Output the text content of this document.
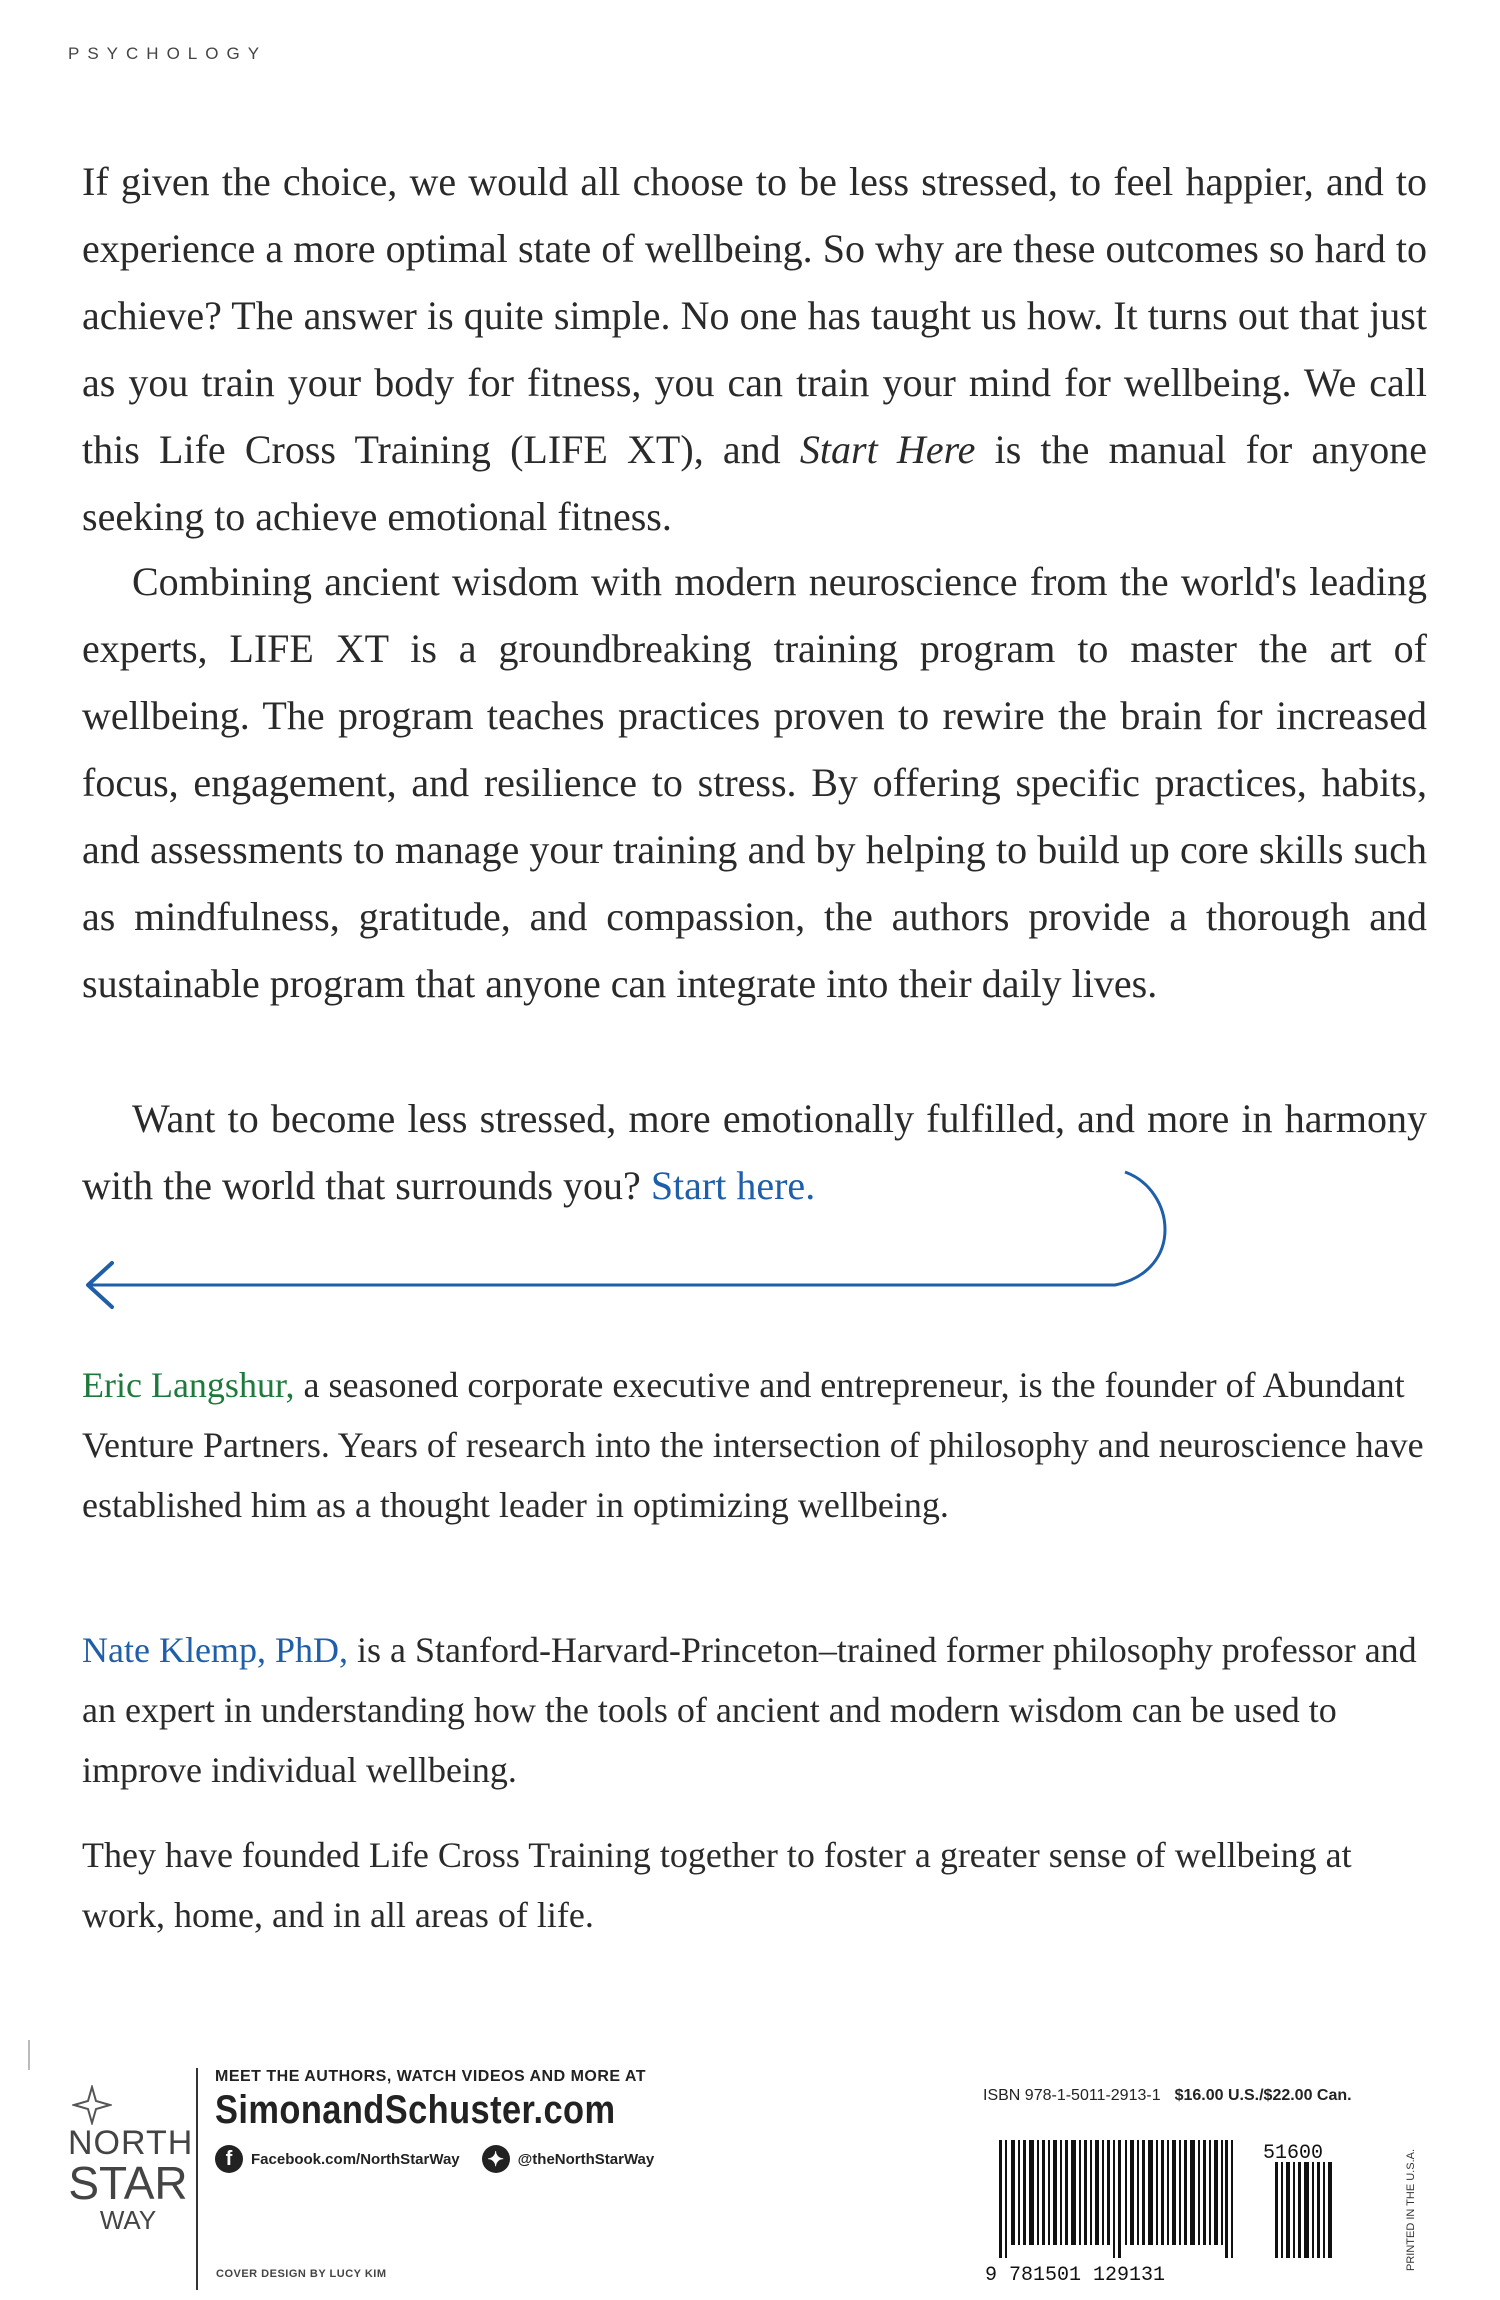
PSYCHOLOGY

If given the choice, we would all choose to be less stressed, to feel happier, and to experience a more optimal state of wellbeing. So why are these outcomes so hard to achieve? The answer is quite simple. No one has taught us how. It turns out that just as you train your body for fitness, you can train your mind for wellbeing. We call this Life Cross Training (LIFE XT), and Start Here is the manual for anyone seeking to achieve emotional fitness.

Combining ancient wisdom with modern neuroscience from the world's leading experts, LIFE XT is a groundbreaking training program to master the art of wellbeing. The program teaches practices proven to rewire the brain for increased focus, engagement, and resilience to stress. By offering specific practices, habits, and assessments to manage your training and by helping to build up core skills such as mindfulness, gratitude, and compassion, the authors provide a thorough and sustainable program that anyone can integrate into their daily lives.

Want to become less stressed, more emotionally fulfilled, and more in harmony with the world that surrounds you? Start here.

Eric Langshur, a seasoned corporate executive and entrepreneur, is the founder of Abundant Venture Partners. Years of research into the intersection of philosophy and neuroscience have established him as a thought leader in optimizing wellbeing.

Nate Klemp, PhD, is a Stanford-Harvard-Princeton–trained former philosophy professor and an expert in understanding how the tools of ancient and modern wisdom can be used to improve individual wellbeing.

They have founded Life Cross Training together to foster a greater sense of wellbeing at work, home, and in all areas of life.

NORTH
STAR
WAY
MEET THE AUTHORS, WATCH VIDEOS AND MORE AT
SimonandSchuster.com
f	Facebook.com/NorthStarWay ✦ @theNorthStarWay
COVER DESIGN BY LUCY KIM
ISBN 978-1-5011-2913-1 $16.00 U.S./$22.00 Can.
9 781501 129131
51600	PRINTED IN THE U.S.A.
